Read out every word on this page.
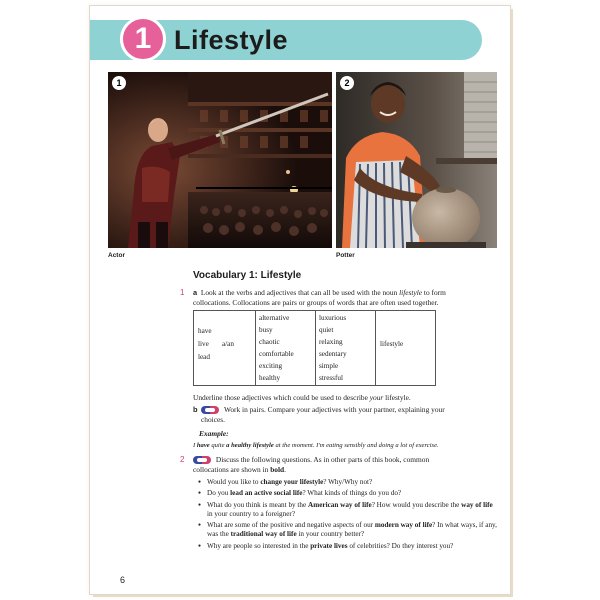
1 Lifestyle
1
Actor
2
Potter
Vocabulary 1: Lifestyle
1 a Look at the verbs and adjectives that can all be used with the noun lifestyle to form
collocations. Collocations are pairs or groups of words that are often used together.
have
live
lead
a/an
alternative
busy
chaotic
comfortable
exciting
healthy
luxurious
quiet
relaxing
sedentary
simple
stressful
lifestyle
Underline those adjectives which could be used to describe your lifestyle.
b	Work in pairs. Compare your adjectives with your partner, explaining your
choices.
Example:
I have quite a healthy lifestyle at the moment. I'm eating sensibly and doing a lot of exercise.
2	Discuss the following questions. As in other parts of this book, common
collocations are shown in bold.
● Would you like to change your lifestyle? Why/Why not?
● Do you lead an active social life? What kinds of things do you do?
● What do you think is meant by the American way of life? How would you describe the way of life in your country to a foreigner?
● What are some of the positive and negative aspects of our modern way of life? In what ways, if any, was the traditional way of life in your country better?
● Why are people so interested in the private lives of celebrities? Do they interest you?
6
